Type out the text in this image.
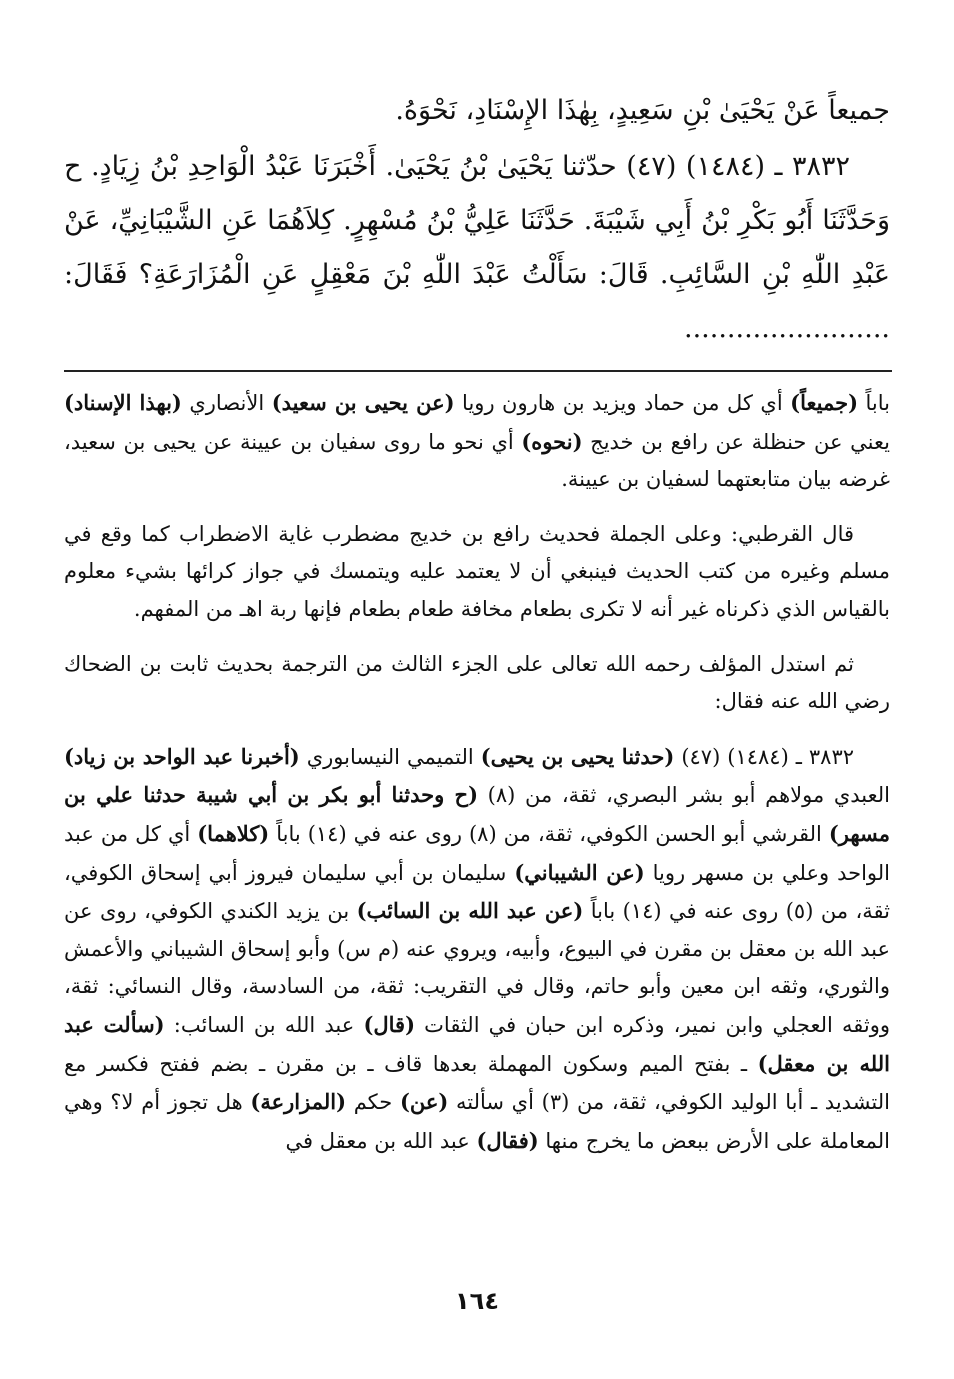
جميعاً عَنْ يَحْيَىٰ بْنِ سَعِيدٍ، بِهٰذَا الإِسْنَادِ، نَحْوَهُ.

٣٨٣٢ ـ (١٤٨٤) (٤٧) حدّثنا يَحْيَىٰ بْنُ يَحْيَىٰ. أَخْبَرَنَا عَبْدُ الْوَاحِدِ بْنُ زِيَادٍ. ح وَحَدَّثَنَا أَبُو بَكْرِ بْنُ أَبِي شَيْبَةَ. حَدَّثَنَا عَلِيُّ بْنُ مُسْهِرٍ. كِلاَهُمَا عَنِ الشَّيْبَانِيِّ، عَنْ عَبْدِ اللّٰهِ بْنِ السَّائِبِ. قَالَ: سَأَلْتُ عَبْدَ اللّٰهِ بْنَ مَعْقِلٍ عَنِ الْمُزَارَعَةِ؟ فَقَالَ: ........................

باباً (جميعاً) أي كل من حماد ويزيد بن هارون رويا (عن يحيى بن سعيد) الأنصاري (بهذا الإسناد) يعني عن حنظلة عن رافع بن خديج (نحوه) أي نحو ما روى سفيان بن عيينة عن يحيى بن سعيد، غرضه بيان متابعتهما لسفيان بن عيينة.

قال القرطبي: وعلى الجملة فحديث رافع بن خديج مضطرب غاية الاضطراب كما وقع في مسلم وغيره من كتب الحديث فينبغي أن لا يعتمد عليه ويتمسك في جواز كرائها بشيء معلوم بالقياس الذي ذكرناه غير أنه لا تكرى بطعام مخافة طعام بطعام فإنها ربة اهـ من المفهم.

ثم استدل المؤلف رحمه الله تعالى على الجزء الثالث من الترجمة بحديث ثابت بن الضحاك رضي الله عنه فقال:

٣٨٣٢ ـ (١٤٨٤) (٤٧) (حدثنا يحيى بن يحيى) التميمي النيسابوري (أخبرنا عبد الواحد بن زياد) العبدي مولاهم أبو بشر البصري، ثقة، من (٨) (ح وحدثنا أبو بكر بن أبي شيبة حدثنا علي بن مسهر) القرشي أبو الحسن الكوفي، ثقة، من (٨) روى عنه في (١٤) باباً (كلاهما) أي كل من عبد الواحد وعلي بن مسهر رويا (عن الشيباني) سليمان بن أبي سليمان فيروز أبي إسحاق الكوفي، ثقة، من (٥) روى عنه في (١٤) باباً (عن عبد الله بن السائب) بن يزيد الكندي الكوفي، روى عن عبد الله بن معقل بن مقرن في البيوع، وأبيه، ويروي عنه (م س) وأبو إسحاق الشيباني والأعمش والثوري، وثقه ابن معين وأبو حاتم، وقال في التقريب: ثقة، من السادسة، وقال النسائي: ثقة، ووثقه العجلي وابن نمير، وذكره ابن حبان في الثقات (قال) عبد الله بن السائب: (سألت عبد الله بن معقل) ـ بفتح الميم وسكون المهملة بعدها قاف ـ بن مقرن ـ بضم ففتح فكسر مع التشديد ـ أبا الوليد الكوفي، ثقة، من (٣) أي سألته (عن) حكم (المزارعة) هل تجوز أم لا؟ وهي المعاملة على الأرض ببعض ما يخرج منها (فقال) عبد الله بن معقل في

١٦٤
